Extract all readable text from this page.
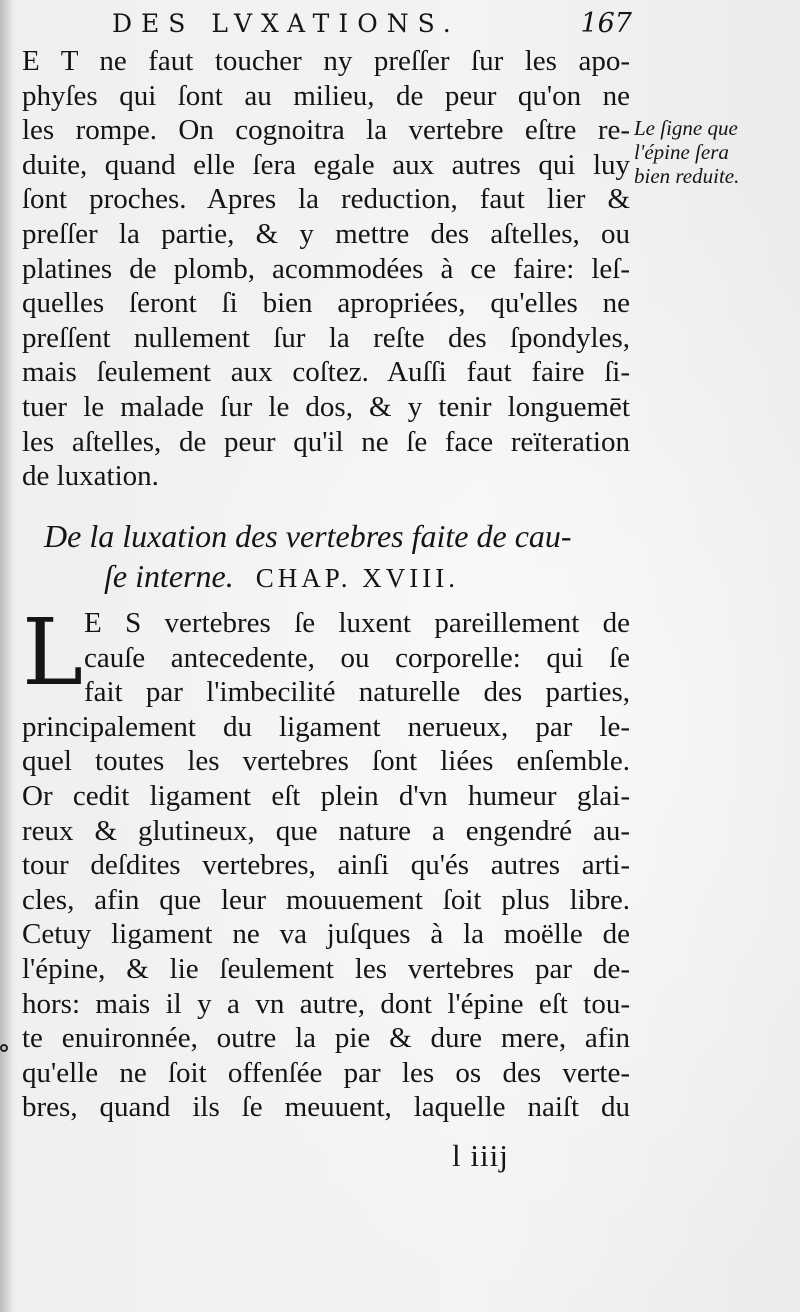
DES LVXATIONS.	167
E T ne faut toucher ny preſſer ſur les apo-
phyſes qui ſont au milieu, de peur qu'on ne
les rompe. On cognoitra la vertebre eſtre re-
duite, quand elle ſera egale aux autres qui luy
ſont proches. Apres la reduction, faut lier &
preſſer la partie, & y mettre des aſtelles, ou
platines de plomb, acommodées à ce faire: leſ-
quelles ſeront ſi bien apropriées, qu'elles ne
preſſent nullement ſur la reſte des ſpondyles,
mais ſeulement aux coſtez. Auſſi faut faire ſi-
tuer le malade ſur le dos, & y tenir longuemēt
les aſtelles, de peur qu'il ne ſe face reïteration
de luxation.
Le ſigne que
l'épine ſera
bien reduite.
De la luxation des vertebres faite de cau-
ſe interne. CHAP. XVIII.
L E S vertebres ſe luxent pareillement de
cauſe antecedente, ou corporelle: qui ſe
fait par l'imbecilité naturelle des parties,
principalement du ligament nerueux, par le-
quel toutes les vertebres ſont liées enſemble.
Or cedit ligament eſt plein d'vn humeur glai-
reux & glutineux, que nature a engendré au-
tour deſdites vertebres, ainſi qu'és autres arti-
cles, afin que leur mouuement ſoit plus libre.
Cetuy ligament ne va juſques à la moëlle de
l'épine, & lie ſeulement les vertebres par de-
hors: mais il y a vn autre, dont l'épine eſt tou-
te enuironnée, outre la pie & dure mere, afin
qu'elle ne ſoit offenſée par les os des verte-
bres, quand ils ſe meuuent, laquelle naiſt du
l iiij
